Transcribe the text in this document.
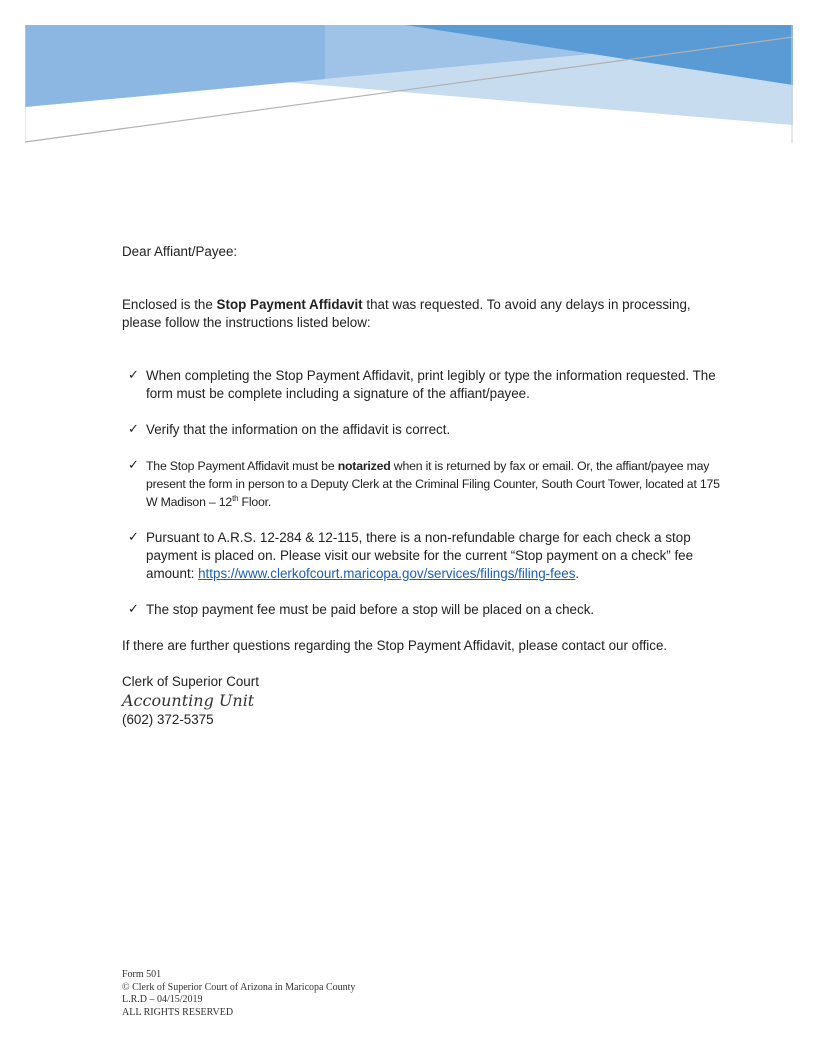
Dear Affiant/Payee:

Enclosed is the Stop Payment Affidavit that was requested. To avoid any delays in processing, please follow the instructions listed below:

✓ When completing the Stop Payment Affidavit, print legibly or type the information requested. The form must be complete including a signature of the affiant/payee.
✓ Verify that the information on the affidavit is correct.
✓ The Stop Payment Affidavit must be notarized when it is returned by fax or email. Or, the affiant/payee may present the form in person to a Deputy Clerk at the Criminal Filing Counter, South Court Tower, located at 175 W Madison – 12th Floor.
✓ Pursuant to A.R.S. 12-284 & 12-115, there is a non-refundable charge for each check a stop payment is placed on. Please visit our website for the current “Stop payment on a check” fee amount: https://www.clerkofcourt.maricopa.gov/services/filings/filing-fees.
✓ The stop payment fee must be paid before a stop will be placed on a check.

If there are further questions regarding the Stop Payment Affidavit, please contact our office.

Clerk of Superior Court
Accounting Unit
(602) 372-5375
Form 501
© Clerk of Superior Court of Arizona in Maricopa County
L.R.D – 04/15/2019
ALL RIGHTS RESERVED
